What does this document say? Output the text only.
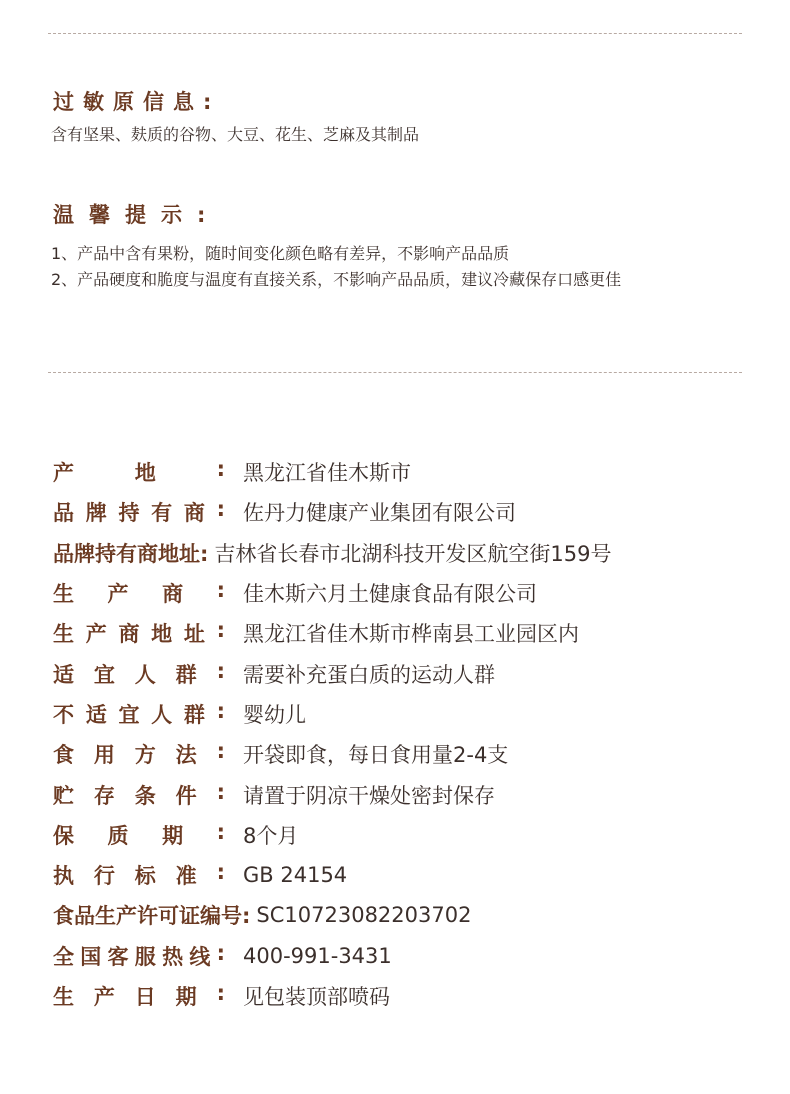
过敏原信息:
含有坚果、麸质的谷物、大豆、花生、芝麻及其制品
温馨提示:
1、产品中含有果粉，随时间变化颜色略有差异，不影响产品品质
2、产品硬度和脆度与温度有直接关系，不影响产品品质，建议冷藏保存口感更佳
产	地	: 黑龙江省佳木斯市
品 牌 持 有 商 : 佐丹力健康产业集团有限公司
品牌持有商地址: 吉林省长春市北湖科技开发区航空街159号
生 产 商 : 佳木斯六月土健康食品有限公司
生 产 商 地 址 : 黑龙江省佳木斯市桦南县工业园区内
适 宜 人 群 : 需要补充蛋白质的运动人群
不 适 宜 人 群 : 婴幼儿
食 用 方 法 : 开袋即食，每日食用量2-4支
贮 存 条 件 : 请置于阴凉干燥处密封保存
保 质 期 : 8个月
执 行 标 准 : GB 24154
食品生产许可证编号: SC10723082203702
全 国 客 服 热 线 : 400-991-3431
生 产 日 期 : 见包装顶部喷码
